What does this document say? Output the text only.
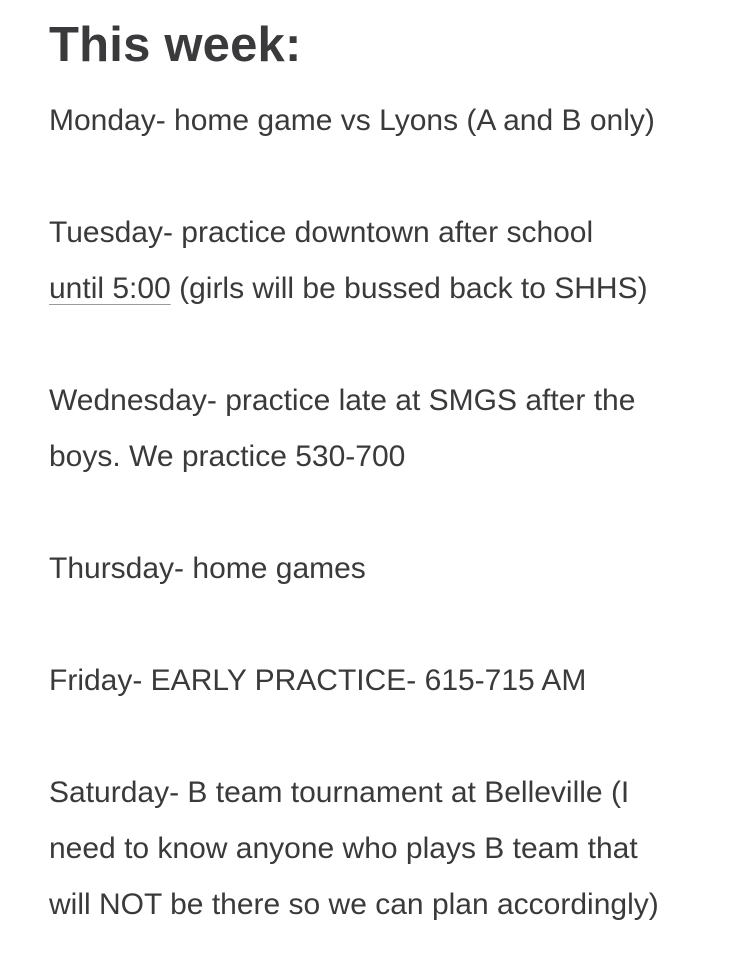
This week:

Monday- home game vs Lyons (A and B only)

Tuesday- practice downtown after school

until 5:00 (girls will be bussed back to SHHS)

Wednesday- practice late at SMGS after the

boys. We practice 530-700

Thursday- home games

Friday- EARLY PRACTICE- 615-715 AM

Saturday- B team tournament at Belleville (I

need to know anyone who plays B team that

will NOT be there so we can plan accordingly)
